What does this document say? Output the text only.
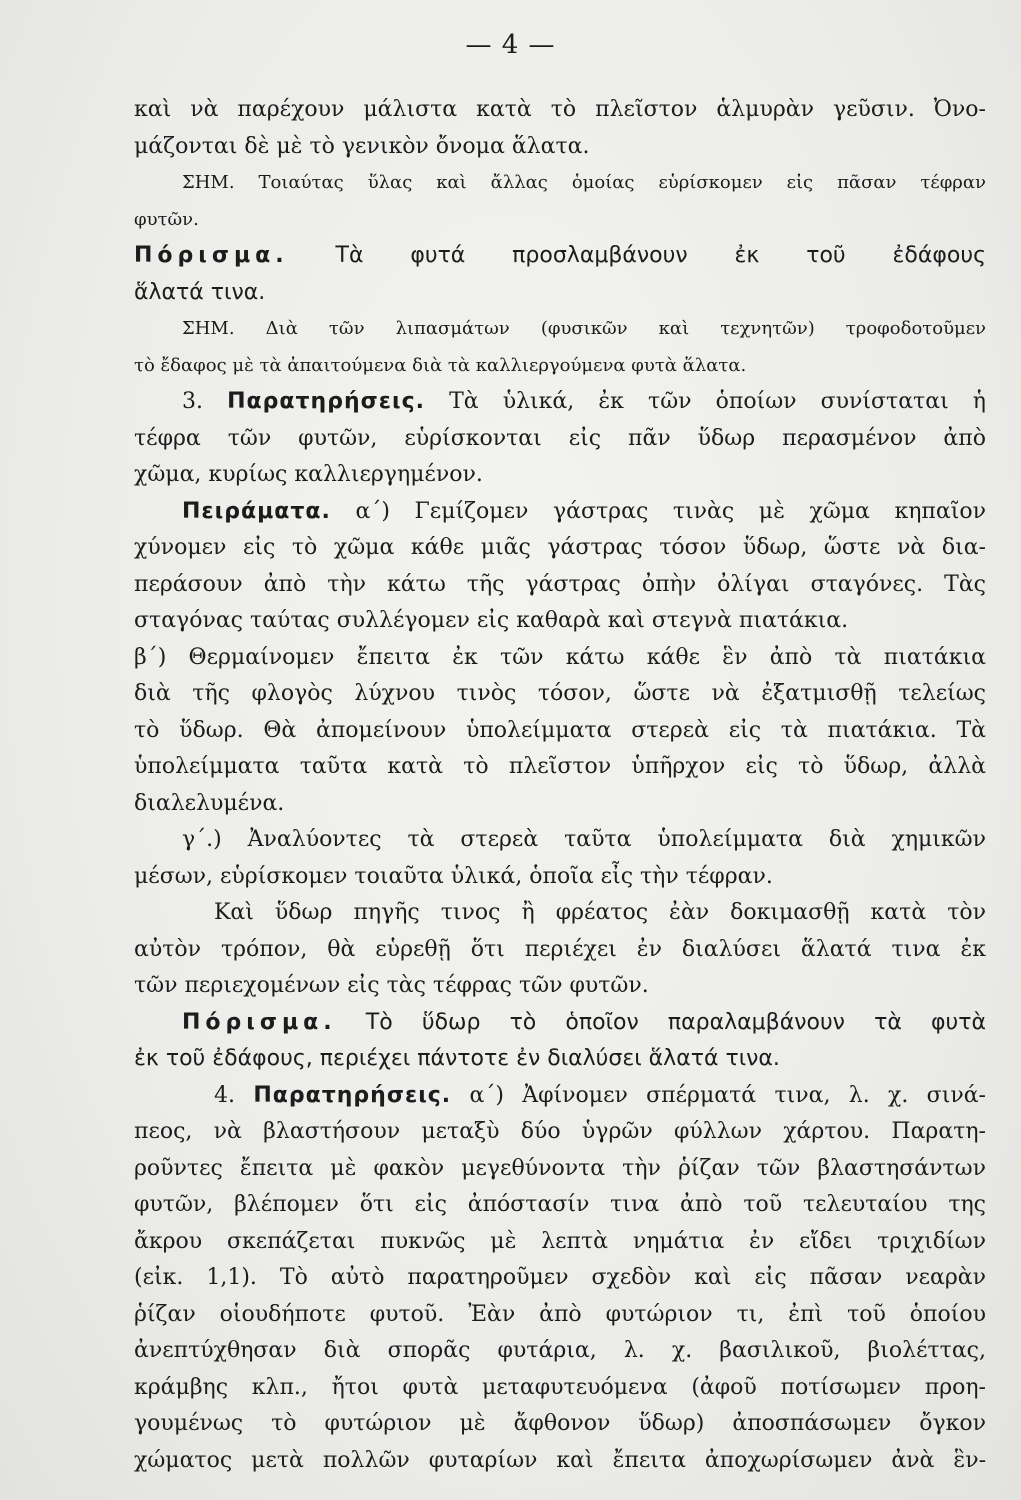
— 4 —
καὶ νὰ παρέχουν μάλιστα κατὰ τὸ πλεῖστον ἁλμυρὰν γεῦσιν. Ὀνο-
μάζονται δὲ μὲ τὸ γενικὸν ὄνομα ἅλατα.
ΣΗΜ. Τοιαύτας ὕλας καὶ ἄλλας ὁμοίας εὑρίσκομεν εἰς πᾶσαν τέφραν
φυτῶν.
Πόρισμα. Τὰ φυτά προσλαμβάνουν ἐκ τοῦ ἐδάφους
ἅλατά τινα.
ΣΗΜ. Διὰ τῶν λιπασμάτων (φυσικῶν καὶ τεχνητῶν) τροφοδοτοῦμεν
τὸ ἔδαφος μὲ τὰ ἀπαιτούμενα διὰ τὰ καλλιεργούμενα φυτὰ ἅλατα.
3. Παρατηρήσεις. Τὰ ὑλικά, ἐκ τῶν ὁποίων συνίσταται ἡ
τέφρα τῶν φυτῶν, εὑρίσκονται εἰς πᾶν ὕδωρ περασμένον ἀπὸ
χῶμα, κυρίως καλλιεργημένον.
Πειράματα. α΄) Γεμίζομεν γάστρας τινὰς μὲ χῶμα κηπαῖον
χύνομεν εἰς τὸ χῶμα κάθε μιᾶς γάστρας τόσον ὕδωρ, ὥστε νὰ δια-
περάσουν ἀπὸ τὴν κάτω τῆς γάστρας ὀπὴν ὀλίγαι σταγόνες. Τὰς
σταγόνας ταύτας συλλέγομεν εἰς καθαρὰ καὶ στεγνὰ πιατάκια.
β΄) Θερμαίνομεν ἔπειτα ἐκ τῶν κάτω κάθε ἓν ἀπὸ τὰ πιατάκια
διὰ τῆς φλογὸς λύχνου τινὸς τόσον, ὥστε νὰ ἐξατμισθῇ τελείως
τὸ ὕδωρ. Θὰ ἀπομείνουν ὑπολείμματα στερεὰ εἰς τὰ πιατάκια. Τὰ
ὑπολείμματα ταῦτα κατὰ τὸ πλεῖστον ὑπῆρχον εἰς τὸ ὕδωρ, ἀλλὰ
διαλελυμένα.
γ΄.) Ἀναλύοντες τὰ στερεὰ ταῦτα ὑπολείμματα διὰ χημικῶν
μέσων, εὑρίσκομεν τοιαῦτα ὑλικά, ὁποῖα εἶς τὴν τέφραν.
Καὶ ὕδωρ πηγῆς τινος ἢ φρέατος ἐὰν δοκιμασθῇ κατὰ τὸν
αὐτὸν τρόπον, θὰ εὑρεθῇ ὅτι περιέχει ἐν διαλύσει ἅλατά τινα ἐκ
τῶν περιεχομένων εἰς τὰς τέφρας τῶν φυτῶν.
Πόρισμα. Τὸ ὕδωρ τὸ ὁποῖον παραλαμβάνουν τὰ φυτὰ
ἐκ τοῦ ἐδάφους, περιέχει πάντοτε ἐν διαλύσει ἅλατά τινα.
4. Παρατηρήσεις. α΄) Ἀφίνομεν σπέρματά τινα, λ. χ. σινά-
πεος, νὰ βλαστήσουν μεταξὺ δύο ὑγρῶν φύλλων χάρτου. Παρατη-
ροῦντες ἔπειτα μὲ φακὸν μεγεθύνοντα τὴν ῥίζαν τῶν βλαστησάντων
φυτῶν, βλέπομεν ὅτι εἰς ἀπόστασίν τινα ἀπὸ τοῦ τελευταίου της
ἄκρου σκεπάζεται πυκνῶς μὲ λεπτὰ νημάτια ἐν εἴδει τριχιδίων
(εἰκ. 1,1). Τὸ αὐτὸ παρατηροῦμεν σχεδὸν καὶ εἰς πᾶσαν νεαρὰν
ῥίζαν οἱουδήποτε φυτοῦ. Ἐὰν ἀπὸ φυτώριον τι, ἐπὶ τοῦ ὁποίου
ἀνεπτύχθησαν διὰ σπορᾶς φυτάρια, λ. χ. βασιλικοῦ, βιολέττας,
κράμβης κλπ., ἤτοι φυτὰ μεταφυτευόμενα (ἀφοῦ ποτίσωμεν προη-
γουμένως τὸ φυτώριον μὲ ἄφθονον ὕδωρ) ἀποσπάσωμεν ὄγκον
χώματος μετὰ πολλῶν φυταρίων καὶ ἔπειτα ἀποχωρίσωμεν ἀνὰ ἓν-
